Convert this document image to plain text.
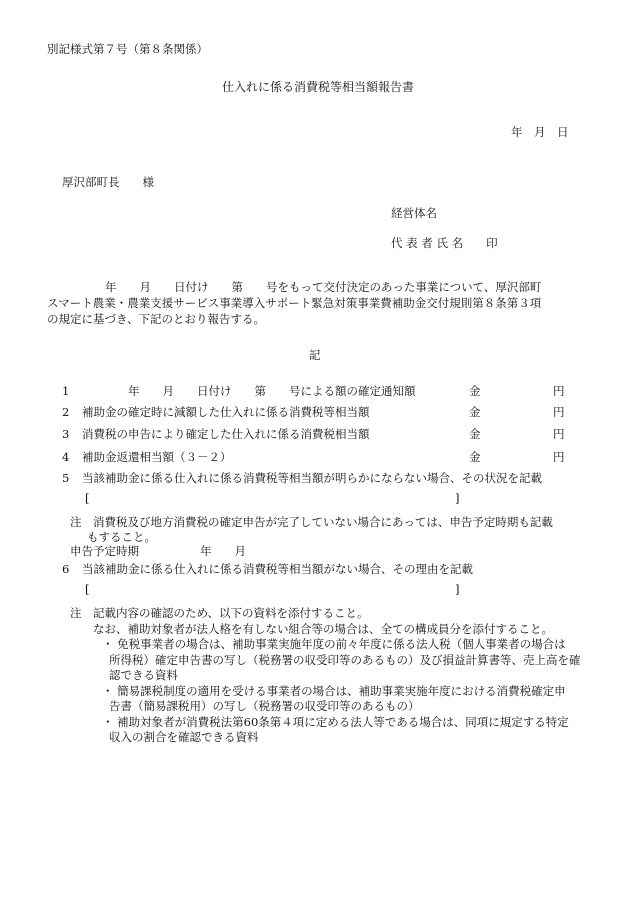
別記様式第７号（第８条関係）
仕入れに係る消費税等相当額報告書
年　月　日
厚沢部町長　　様
経営体名
代 表 者 氏 名　　印
年　　月　　日付け　　第　　号をもって交付決定のあった事業について、厚沢部町
スマート農業・農業支援サービス事業導入サポート緊急対策事業費補助金交付規則第８条第３項
の規定に基づき、下記のとおり報告する。
記
1 　　　　年　　月　　日付け　　第　　号による額の確定通知額	金	円
2 補助金の確定時に減額した仕入れに係る消費税等相当額	金	円
3 消費税の申告により確定した仕入れに係る消費税相当額	金	円
4 補助金返還相当額（３－２）	金	円
5 当該補助金に係る仕入れに係る消費税等相当額が明らかにならない場合、その状況を記載
[	]
注　消費税及び地方消費税の確定申告が完了していない場合にあっては、申告予定時期も記載
もすること。
申告予定時期	年　　月
6 当該補助金に係る仕入れに係る消費税等相当額がない場合、その理由を記載
[	]
注　記載内容の確認のため、以下の資料を添付すること。
なお、補助対象者が法人格を有しない組合等の場合は、全ての構成員分を添付すること。
・ 免税事業者の場合は、補助事業実施年度の前々年度に係る法人税（個人事業者の場合は
所得税）確定申告書の写し（税務署の収受印等のあるもの）及び損益計算書等、売上高を確
認できる資料
・ 簡易課税制度の適用を受ける事業者の場合は、補助事業実施年度における消費税確定申
告書（簡易課税用）の写し（税務署の収受印等のあるもの）
・ 補助対象者が消費税法第60条第４項に定める法人等である場合は、同項に規定する特定
収入の割合を確認できる資料
